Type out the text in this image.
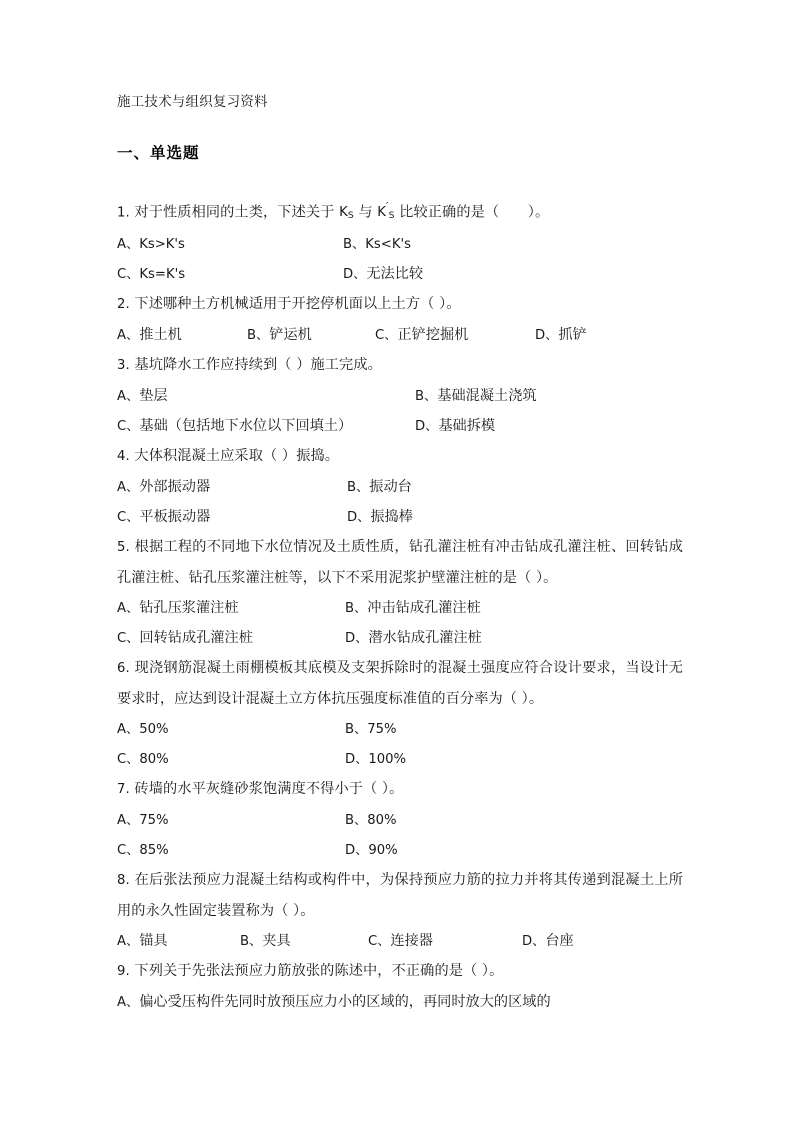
施工技术与组织复习资料
一、单选题
1. 对于性质相同的土类，下述关于 $K_S$ 与 $K'_S$ 比较正确的是（　　）。
A、Ks>K's	B、Ks<K's
C、Ks=K's	D、无法比较
2. 下述哪种土方机械适用于开挖停机面以上土方（ ）。
A、推土机	B、铲运机	C、正铲挖掘机	D、抓铲
3. 基坑降水工作应持续到（ ）施工完成。
A、垫层	B、基础混凝土浇筑
C、基础（包括地下水位以下回填土）	D、基础拆模
4. 大体积混凝土应采取（ ）振捣。
A、外部振动器	B、振动台
C、平板振动器	D、振捣棒
5. 根据工程的不同地下水位情况及土质性质，钻孔灌注桩有冲击钻成孔灌注桩、回转钻成孔灌注桩、钻孔压浆灌注桩等，以下不采用泥浆护壁灌注桩的是（ ）。
A、钻孔压浆灌注桩	B、冲击钻成孔灌注桩
C、回转钻成孔灌注桩	D、潜水钻成孔灌注桩
6. 现浇钢筋混凝土雨棚模板其底模及支架拆除时的混凝土强度应符合设计要求，当设计无要求时，应达到设计混凝土立方体抗压强度标准值的百分率为（ ）。
A、50%	B、75%
C、80%	D、100%
7. 砖墙的水平灰缝砂浆饱满度不得小于（ ）。
A、75%	B、80%
C、85%	D、90%
8. 在后张法预应力混凝土结构或构件中，为保持预应力筋的拉力并将其传递到混凝土上所用的永久性固定装置称为（ ）。
A、锚具	B、夹具	C、连接器	D、台座
9. 下列关于先张法预应力筋放张的陈述中，不正确的是（ ）。
A、偏心受压构件先同时放预压应力小的区域的，再同时放大的区域的
